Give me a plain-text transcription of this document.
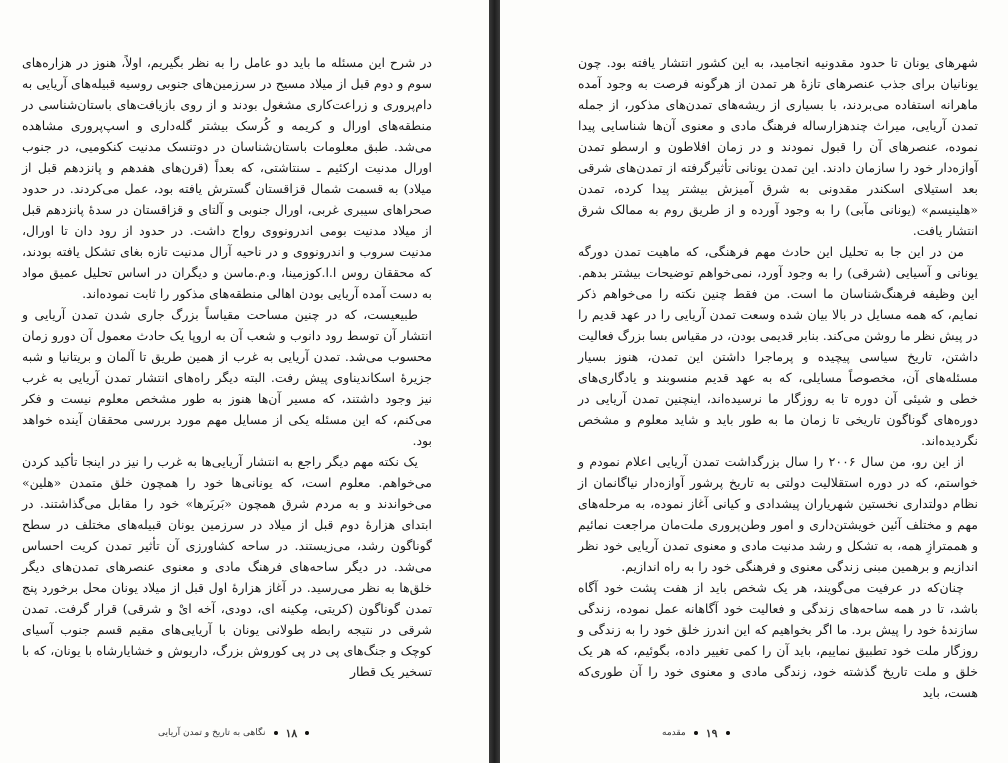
در شرح این مسئله ما باید دو عامل را به نظر بگیریم، اولاً، هنوز در هزاره‌های سوم و دوم قبل از میلاد مسیح در سرزمین‌های جنوبی روسیه قبیله‌های آریایی به دام‌پروری و زراعت‌کاری مشغول بودند و از روی بازیافت‌های باستان‌شناسی در منطقه‌های اورال و کریمه و کُرسک بیشتر گله‌داری و اسپ‌پروری مشاهده می‌شد. طبق معلومات باستان‌شناسان در دوتنسک مدنیت کنکومیی، در جنوب اورال مدنیت ارکئیم ـ سنتاشتی، که بعداً (قرن‌های هفدهم و پانزدهم قبل از میلاد) به قسمت شمال قزاقستان گسترش یافته بود، عمل می‌کردند. در حدود صحراهای سیبری غربی، اورال جنوبی و آلتای و قزاقستان در سدهٔ پانزدهم قبل از میلاد مدنیت بومی اندرونووی رواج داشت. در حدود از رود دان تا اورال، مدنیت سروب و اندرونووی و در ناحیه آرال مدنیت تازه بغای تشکل یافته بودند، که محققان روس ا.ا.کوزمینا، و.م.ماسن و دیگران در اساس تحلیل عمیق مواد به دست آمده آریایی بودن اهالی منطقه‌های مذکور را ثابت نموده‌اند.

طبیعیست، که در چنین مساحت مقیاساً بزرگ جاری شدن تمدن آریایی و انتشار آن توسط رود دانوب و شعب آن به اروپا یک حادث معمول آن دورو زمان محسوب می‌شد. تمدن آریایی به غرب از همین طریق تا آلمان و بریتانیا و شبه جزیرهٔ اسکاندیناوی پیش رفت. البته دیگر راه‌های انتشار تمدن آریایی به غرب نیز وجود داشتند، که مسیر آن‌ها هنوز به طور مشخص معلوم نیست و فکر می‌کنم، که این مسئله یکی از مسایل مهم مورد بررسی محققان آینده خواهد بود.

یک نکته مهم دیگر راجع به انتشار آریایی‌ها به غرب را نیز در اینجا تأکید کردن می‌خواهم. معلوم است، که یونانی‌ها خود را همچون خلق متمدن «هلین» می‌خواندند و به مردم شرق همچون «بَربَرها» خود را مقابل می‌گذاشتند. در ابتدای هزارهٔ دوم قبل از میلاد در سرزمین یونان قبیله‌های مختلف در سطح گوناگون رشد، می‌زیستند. در ساحه کشاورزی آن تأثیر تمدن کریت احساس می‌شد. در دیگر ساحه‌های فرهنگ مادی و معنوی عنصرهای تمدن‌های دیگر خلق‌ها به نظر می‌رسید. در آغاز هزارهٔ اول قبل از میلاد یونان محل برخورد پنج تمدن گوناگون (کریتی، مِکینه ای، دودی، آخه ایْ و شرقی) قرار گرفت. تمدن شرقی در نتیجه رابطه طولانی یونان با آریایی‌های مقیم قسم جنوب آسیای کوچک و جنگ‌های پی در پی کوروش بزرگ، داریوش و خشایارشاه با یونان، که با تسخیر یک قطار

۱۸
نگاهی به تاریخ و تمدن آریایی

شهرهای یونان تا حدود مقدونیه انجامید، به این کشور انتشار یافته بود. چون یونانیان برای جذب عنصرهای تازهٔ هر تمدن از هرگونه فرصت به وجود آمده ماهرانه استفاده می‌بردند، با بسیاری از ریشه‌های تمدن‌های مذکور، از جمله تمدن آریایی، میراث چندهزارساله فرهنگ مادی و معنوی آن‌ها شناسایی پیدا نموده، عنصرهای آن را قبول نمودند و در زمان افلاطون و ارسطو تمدن آوازه‌دار خود را سازمان دادند. این تمدن یونانی تأثیرگرفته از تمدن‌های شرقی بعد استیلای اسکندر مقدونی به شرق آمیزش بیشتر پیدا کرده، تمدن «هلینیسم» (یونانی مآبی) را به وجود آورده و از طریق روم به ممالک شرق انتشار یافت.

من در این جا به تحلیل این حادث مهم فرهنگی، که ماهیت تمدن دورگه یونانی و آسیایی (شرقی) را به وجود آورد، نمی‌خواهم توضیحات بیشتر بدهم. این وظیفه فرهنگ‌شناسان ما است. من فقط چنین نکته را می‌خواهم ذکر نمایم، که همه مسایل در بالا بیان شده وسعت تمدن آریایی را در عهد قدیم را در پیش نظر ما روشن می‌کند. بنابر قدیمی بودن، در مقیاس بسا بزرگ فعالیت داشتن، تاریخ سیاسی پیچیده و پرماجرا داشتن این تمدن، هنوز بسیار مسئله‌های آن، مخصوصاً مسایلی، که به عهد قدیم منسوبند و یادگاری‌های خطی و شیئی آن دوره تا به روزگار ما نرسیده‌اند، اینچنین تمدن آریایی در دوره‌های گوناگون تاریخی تا زمان ما به طور باید و شاید معلوم و مشخص نگردیده‌اند.

از این رو، من سال ۲۰۰۶ را سال بزرگداشت تمدن آریایی اعلام نمودم و خواستم، که در دوره استقلالیت دولتی به تاریخ پرشور آوازه‌دار نیاگانمان از نظام دولتداری نخستین شهریاران پیشدادی و کیانی آغاز نموده، به مرحله‌های مهم و مختلف آئین خویشتن‌داری و امور وطن‌پروری ملت‌مان مراجعت نمائیم و هممترازِ همه، به تشکل و رشد مدنیت مادی و معنوی تمدن آریایی خود نظر اندازیم و برهمین مبنی زندگی معنوی و فرهنگی خود را به راه اندازیم.

چنان‌که در عرفیت می‌گویند، هر یک شخص باید از هفت پشت خود آگاه باشد، تا در همه ساحه‌های زندگی و فعالیت خود آگاهانه عمل نموده، زندگی سازندهٔ خود را پیش برد. ما اگر بخواهیم که این اندرز خلق خود را به زندگی و روزگار ملت خود تطبیق نماییم، باید آن را کمی تغییر داده، بگوئیم، که هر یک خلق و ملت تاریخ گذشته خود، زندگی مادی و معنوی خود را آن طوری‌که هست، باید

۱۹
مقدمه
